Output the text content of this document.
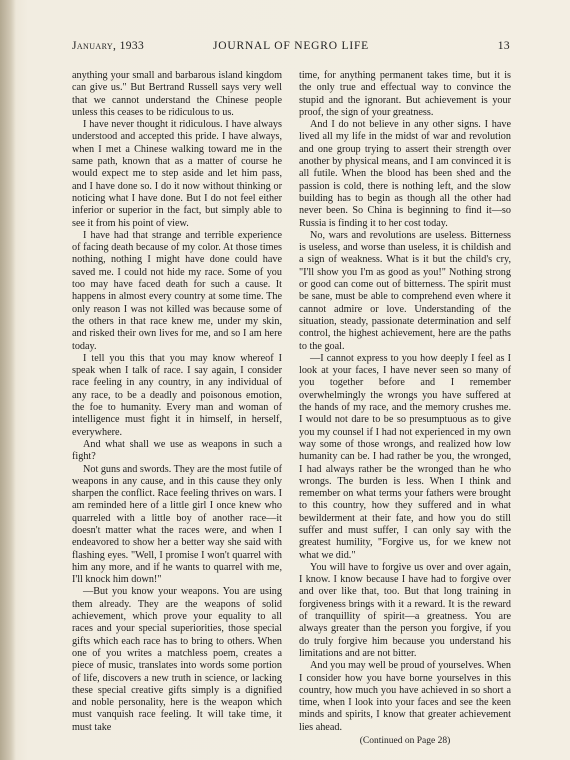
January, 1933	JOURNAL OF NEGRO LIFE	13

anything your small and barbarous island kingdom can give us." But Bertrand Russell says very well that we cannot understand the Chinese people unless this ceases to be ridiculous to us.

I have never thought it ridiculous. I have always understood and accepted this pride. I have always, when I met a Chinese walking toward me in the same path, known that as a matter of course he would expect me to step aside and let him pass, and I have done so. I do it now without thinking or noticing what I have done. But I do not feel either inferior or superior in the fact, but simply able to see it from his point of view.

I have had that strange and terrible experience of facing death because of my color. At those times nothing, nothing I might have done could have saved me. I could not hide my race. Some of you too may have faced death for such a cause. It happens in almost every country at some time. The only reason I was not killed was because some of the others in that race knew me, under my skin, and risked their own lives for me, and so I am here today.

I tell you this that you may know whereof I speak when I talk of race. I say again, I consider race feeling in any country, in any individual of any race, to be a deadly and poisonous emotion, the foe to humanity. Every man and woman of intelligence must fight it in himself, in herself, everywhere.

And what shall we use as weapons in such a fight?

Not guns and swords. They are the most futile of weapons in any cause, and in this cause they only sharpen the conflict. Race feeling thrives on wars. I am reminded here of a little girl I once knew who quarreled with a little boy of another race—it doesn't matter what the races were, and when I endeavored to show her a better way she said with flashing eyes. "Well, I promise I won't quarrel with him any more, and if he wants to quarrel with me, I'll knock him down!"

—But you know your weapons. You are using them already. They are the weapons of solid achievement, which prove your equality to all races and your special superiorities, those special gifts which each race has to bring to others. When one of you writes a matchless poem, creates a piece of music, translates into words some portion of life, discovers a new truth in science, or lacking these special creative gifts simply is a dignified and noble personality, here is the weapon which must vanquish race feeling. It will take time, it must take

time, for anything permanent takes time, but it is the only true and effectual way to convince the stupid and the ignorant. But achievement is your proof, the sign of your greatness.

And I do not believe in any other signs. I have lived all my life in the midst of war and revolution and one group trying to assert their strength over another by physical means, and I am convinced it is all futile. When the blood has been shed and the passion is cold, there is nothing left, and the slow building has to begin as though all the other had never been. So China is beginning to find it—so Russia is finding it to her cost today.

No, wars and revolutions are useless. Bitterness is useless, and worse than useless, it is childish and a sign of weakness. What is it but the child's cry, "I'll show you I'm as good as you!" Nothing strong or good can come out of bitterness. The spirit must be sane, must be able to comprehend even where it cannot admire or love. Understanding of the situation, steady, passionate determination and self control, the highest achievement, here are the paths to the goal.

—I cannot express to you how deeply I feel as I look at your faces, I have never seen so many of you together before and I remember overwhelmingly the wrongs you have suffered at the hands of my race, and the memory crushes me. I would not dare to be so presumptuous as to give you my counsel if I had not experienced in my own way some of those wrongs, and realized how low humanity can be. I had rather be you, the wronged, I had always rather be the wronged than he who wrongs. The burden is less. When I think and remember on what terms your fathers were brought to this country, how they suffered and in what bewilderment at their fate, and how you do still suffer and must suffer, I can only say with the greatest humility, "Forgive us, for we knew not what we did."

You will have to forgive us over and over again, I know. I know because I have had to forgive over and over like that, too. But that long training in forgiveness brings with it a reward. It is the reward of tranquillity of spirit—a greatness. You are always greater than the person you forgive, if you do truly forgive him because you understand his limitations and are not bitter.

And you may well be proud of yourselves. When I consider how you have borne yourselves in this country, how much you have achieved in so short a time, when I look into your faces and see the keen minds and spirits, I know that greater achievement lies ahead.

(Continued on Page 28)
